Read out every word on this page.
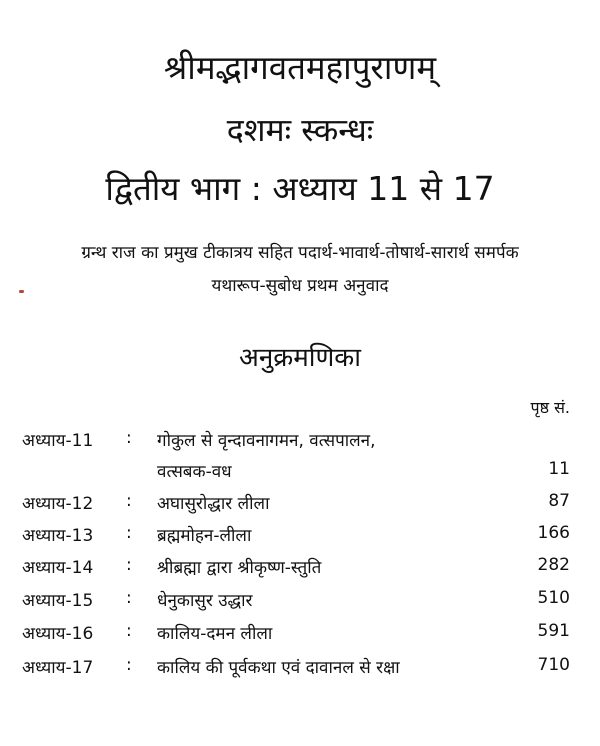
श्रीमद्भागवतमहापुराणम्
दशमः स्कन्धः
द्वितीय भाग : अध्याय 11 से 17
ग्रन्थ राज का प्रमुख टीकात्रय सहित पदार्थ-भावार्थ-तोषार्थ-सारार्थ समर्पक
यथारूप-सुबोध प्रथम अनुवाद
अनुक्रमणिका
पृष्ठ सं.
अध्याय-11 : गोकुल से वृन्दावनागमन, वत्सपालन,
वत्सबक-वध	11
अध्याय-12 : अघासुरोद्धार लीला	87
अध्याय-13 : ब्रह्ममोहन-लीला	166
अध्याय-14 : श्रीब्रह्मा द्वारा श्रीकृष्ण-स्तुति	282
अध्याय-15 : धेनुकासुर उद्धार	510
अध्याय-16 : कालिय-दमन लीला	591
अध्याय-17 : कालिय की पूर्वकथा एवं दावानल से रक्षा	710
